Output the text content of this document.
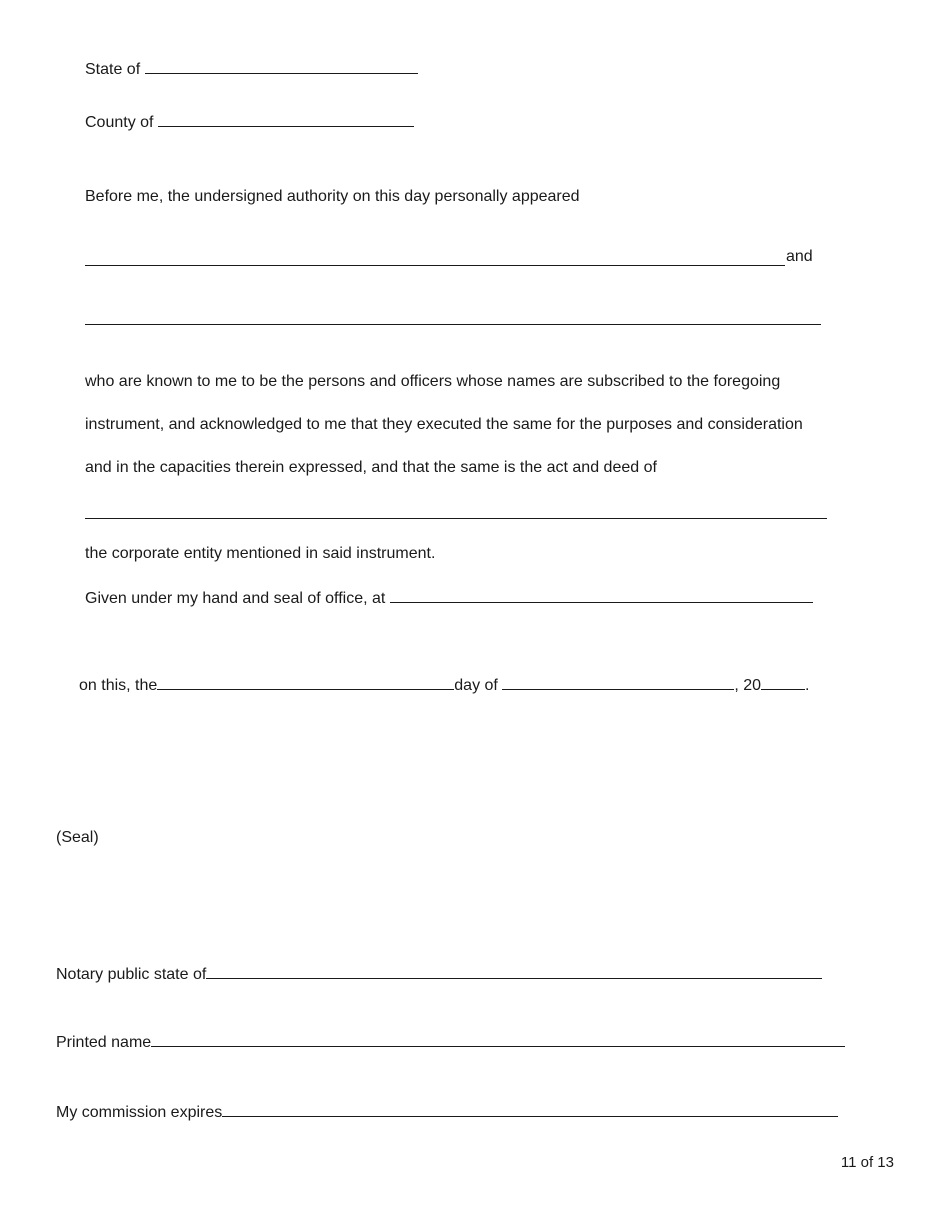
State of
County of
Before me, the undersigned authority on this day personally appeared
and
who are known to me to be the persons and officers whose names are subscribed to the foregoing
instrument, and acknowledged to me that they executed the same for the purposes and consideration
and in the capacities therein expressed, and that the same is the act and deed of
the corporate entity mentioned in said instrument.
Given under my hand and seal of office, at
on this, the	day of	, 20	.
(Seal)
Notary public state of
Printed name
My commission expires
11 of 13
